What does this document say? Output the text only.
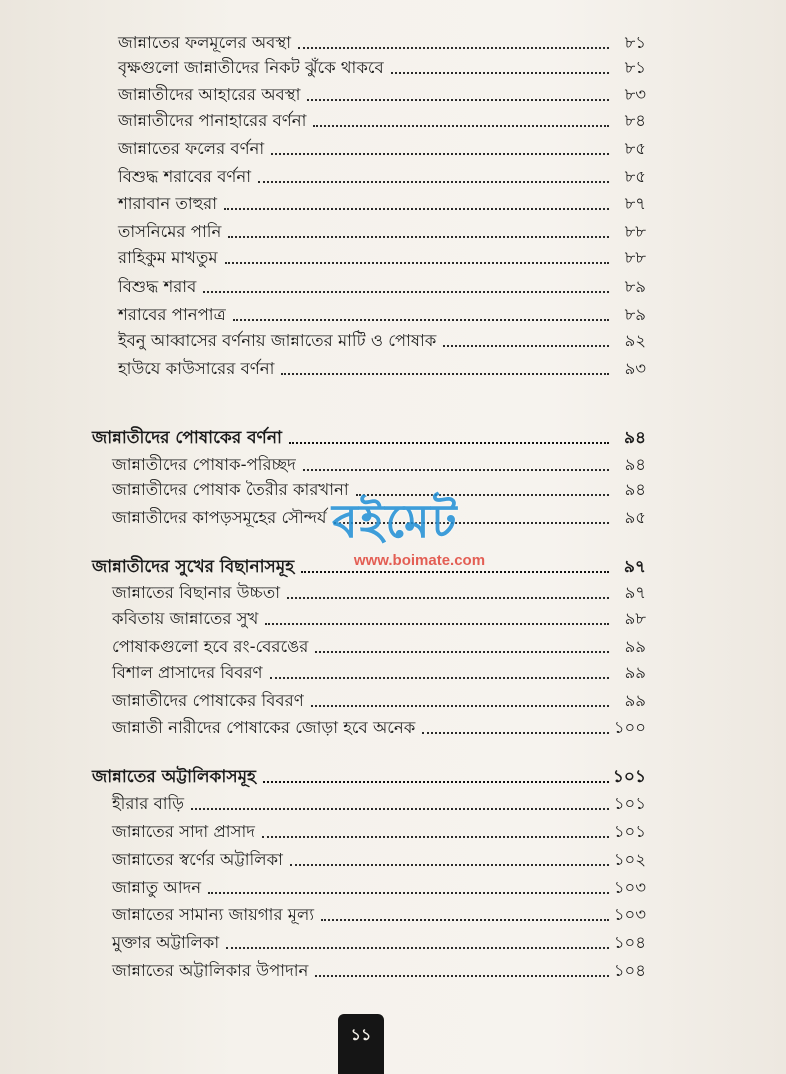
জান্নাতের ফলমূলের অবস্থা	৮১
বৃক্ষগুলো জান্নাতীদের নিকট ঝুঁকে থাকবে	৮১
জান্নাতীদের আহারের অবস্থা	৮৩
জান্নাতীদের পানাহারের বর্ণনা	৮৪
জান্নাতের ফলের বর্ণনা	৮৫
বিশুদ্ধ শরাবের বর্ণনা	৮৫
শারাবান তাহুরা	৮৭
তাসনিমের পানি	৮৮
রাহিকুম মাখতুম	৮৮
বিশুদ্ধ শরাব	৮৯
শরাবের পানপাত্র	৮৯
ইবনু আব্বাসের বর্ণনায় জান্নাতের মাটি ও পোষাক	৯২
হাউযে কাউসারের বর্ণনা	৯৩
জান্নাতীদের পোষাকের বর্ণনা	৯৪
জান্নাতীদের পোষাক-পরিচ্ছদ	৯৪
জান্নাতীদের পোষাক তৈরীর কারখানা	৯৪
জান্নাতীদের কাপড়সমূহের সৌন্দর্য	৯৫
জান্নাতীদের সুখের বিছানাসমূহ	৯৭
জান্নাতের বিছানার উচ্চতা	৯৭
কবিতায় জান্নাতের সুখ	৯৮
পোষাকগুলো হবে রং-বেরঙের	৯৯
বিশাল প্রাসাদের বিবরণ	৯৯
জান্নাতীদের পোষাকের বিবরণ	৯৯
জান্নাতী নারীদের পোষাকের জোড়া হবে অনেক	১০০
জান্নাতের অট্টালিকাসমূহ	১০১
হীরার বাড়ি	১০১
জান্নাতের সাদা প্রাসাদ	১০১
জান্নাতের স্বর্ণের অট্টালিকা	১০২
জান্নাতু আদন	১০৩
জান্নাতের সামান্য জায়গার মূল্য	১০৩
মুক্তার অট্টালিকা	১০৪
জান্নাতের অট্টালিকার উপাদান	১০৪
বইমেট
www.boimate.com
১১
